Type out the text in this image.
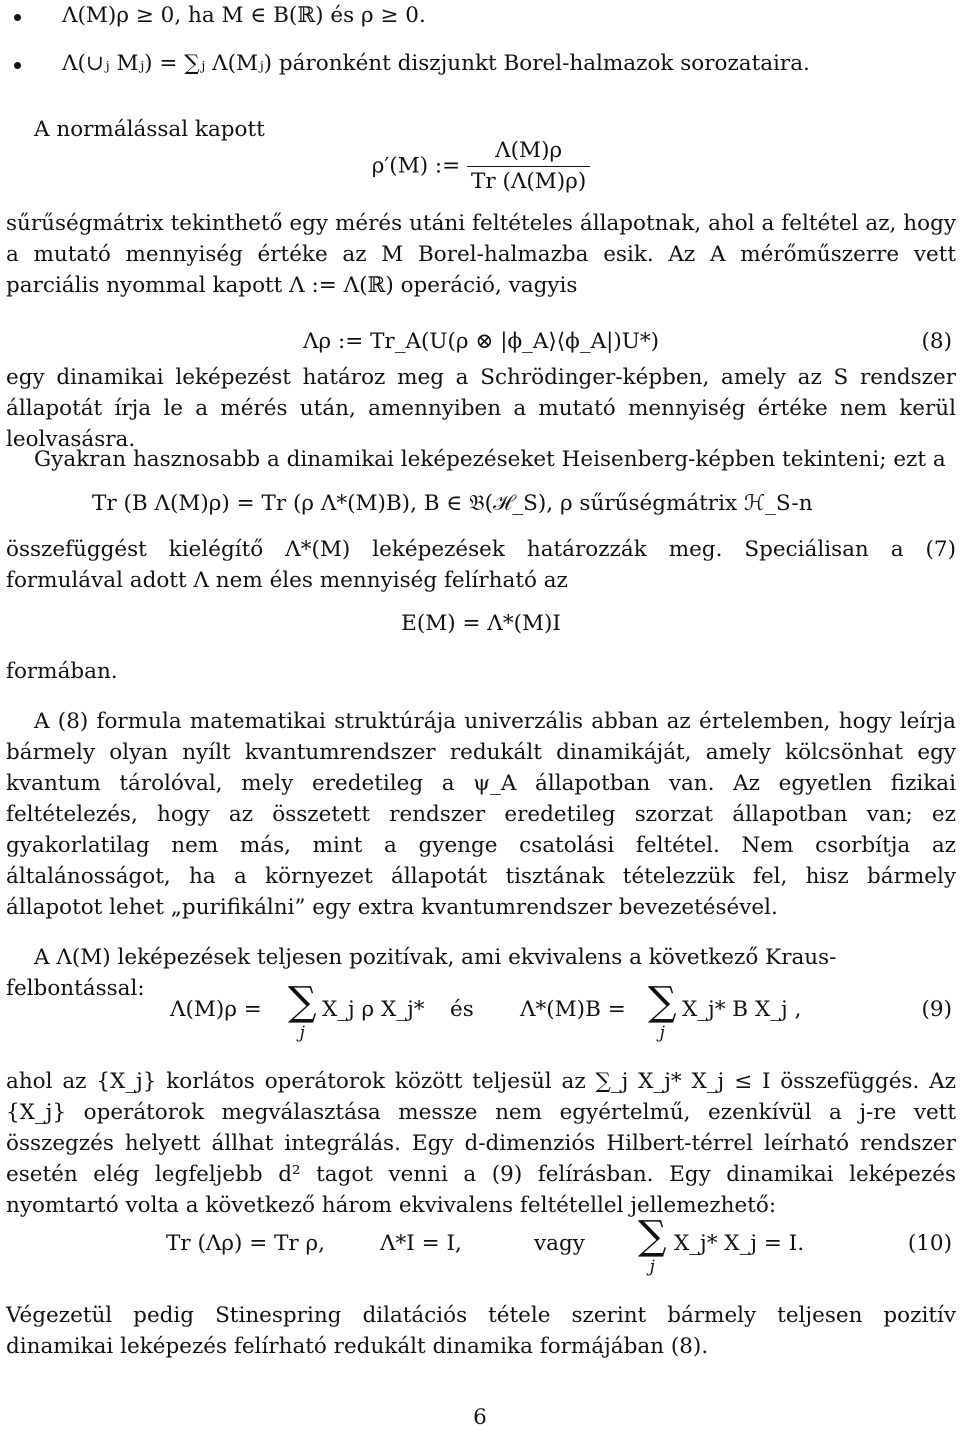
Λ(M)ρ ≥ 0, ha M ∈ B(ℝ) és ρ ≥ 0.
Λ(∪ⱼ Mⱼ) = ∑ⱼ Λ(Mⱼ) páronként diszjunkt Borel-halmazok sorozataira.
A normálással kapott
ρ′(M) := $\frac{\Lambda(M)\rho}{Tr (\Lambda(M)\rho)}$
sűrűségmátrix tekinthető egy mérés utáni feltételes állapotnak, ahol a feltétel az, hogy a mutató mennyiség értéke az M Borel-halmazba esik. Az A mérőműszerre vett parciális nyommal kapott Λ := Λ(ℝ) operáció, vagyis
Λρ := Tr_A(U(ρ ⊗ |ϕ_A⟩⟨ϕ_A|)U*)	(8)
egy dinamikai leképezést határoz meg a Schrödinger-képben, amely az S rendszer állapotát írja le a mérés után, amennyiben a mutató mennyiség értéke nem kerül leolvasásra.
Gyakran hasznosabb a dinamikai leképezéseket Heisenberg-képben tekinteni; ezt a
Tr (B Λ(M)ρ) = Tr (ρ Λ*(M)B), B ∈ 𝔅(ℋ_S), ρ sűrűségmátrix ℋ_S-n
összefüggést kielégítő Λ*(M) leképezések határozzák meg. Speciálisan a (7) formulával adott Λ nem éles mennyiség felírható az
E(M) = Λ*(M)I
formában.
A (8) formula matematikai struktúrája univerzális abban az értelemben, hogy leírja bármely olyan nyílt kvantumrendszer redukált dinamikáját, amely kölcsönhat egy kvantum tárolóval, mely eredetileg a ψ_A állapotban van. Az egyetlen fizikai feltételezés, hogy az összetett rendszer eredetileg szorzat állapotban van; ez gyakorlatilag nem más, mint a gyenge csatolási feltétel. Nem csorbítja az általánosságot, ha a környezet állapotát tisztának tételezzük fel, hisz bármely állapotot lehet „purifikálni” egy extra kvantumrendszer bevezetésével.
A Λ(M) leképezések teljesen pozitívak, ami ekvivalens a következő Kraus-felbontással:
Λ(M)ρ = ∑
j
X_j ρ X_j* és Λ*(M)B = ∑
j
X_j* B X_j ,	(9)
ahol az {X_j} korlátos operátorok között teljesül az ∑_j X_j* X_j ≤ I összefüggés. Az {X_j} operátorok megválasztása messze nem egyértelmű, ezenkívül a j-re vett összegzés helyett állhat integrálás. Egy d-dimenziós Hilbert-térrel leírható rendszer esetén elég legfeljebb d² tagot venni a (9) felírásban. Egy dinamikai leképezés nyomtartó volta a következő három ekvivalens feltétellel jellemezhető:
Tr (Λρ) = Tr ρ,	Λ*I = I,	vagy ∑
j
X_j* X_j = I.	(10)
Végezetül pedig Stinespring dilatációs tétele szerint bármely teljesen pozitív dinamikai leképezés felírható redukált dinamika formájában (8).
6
